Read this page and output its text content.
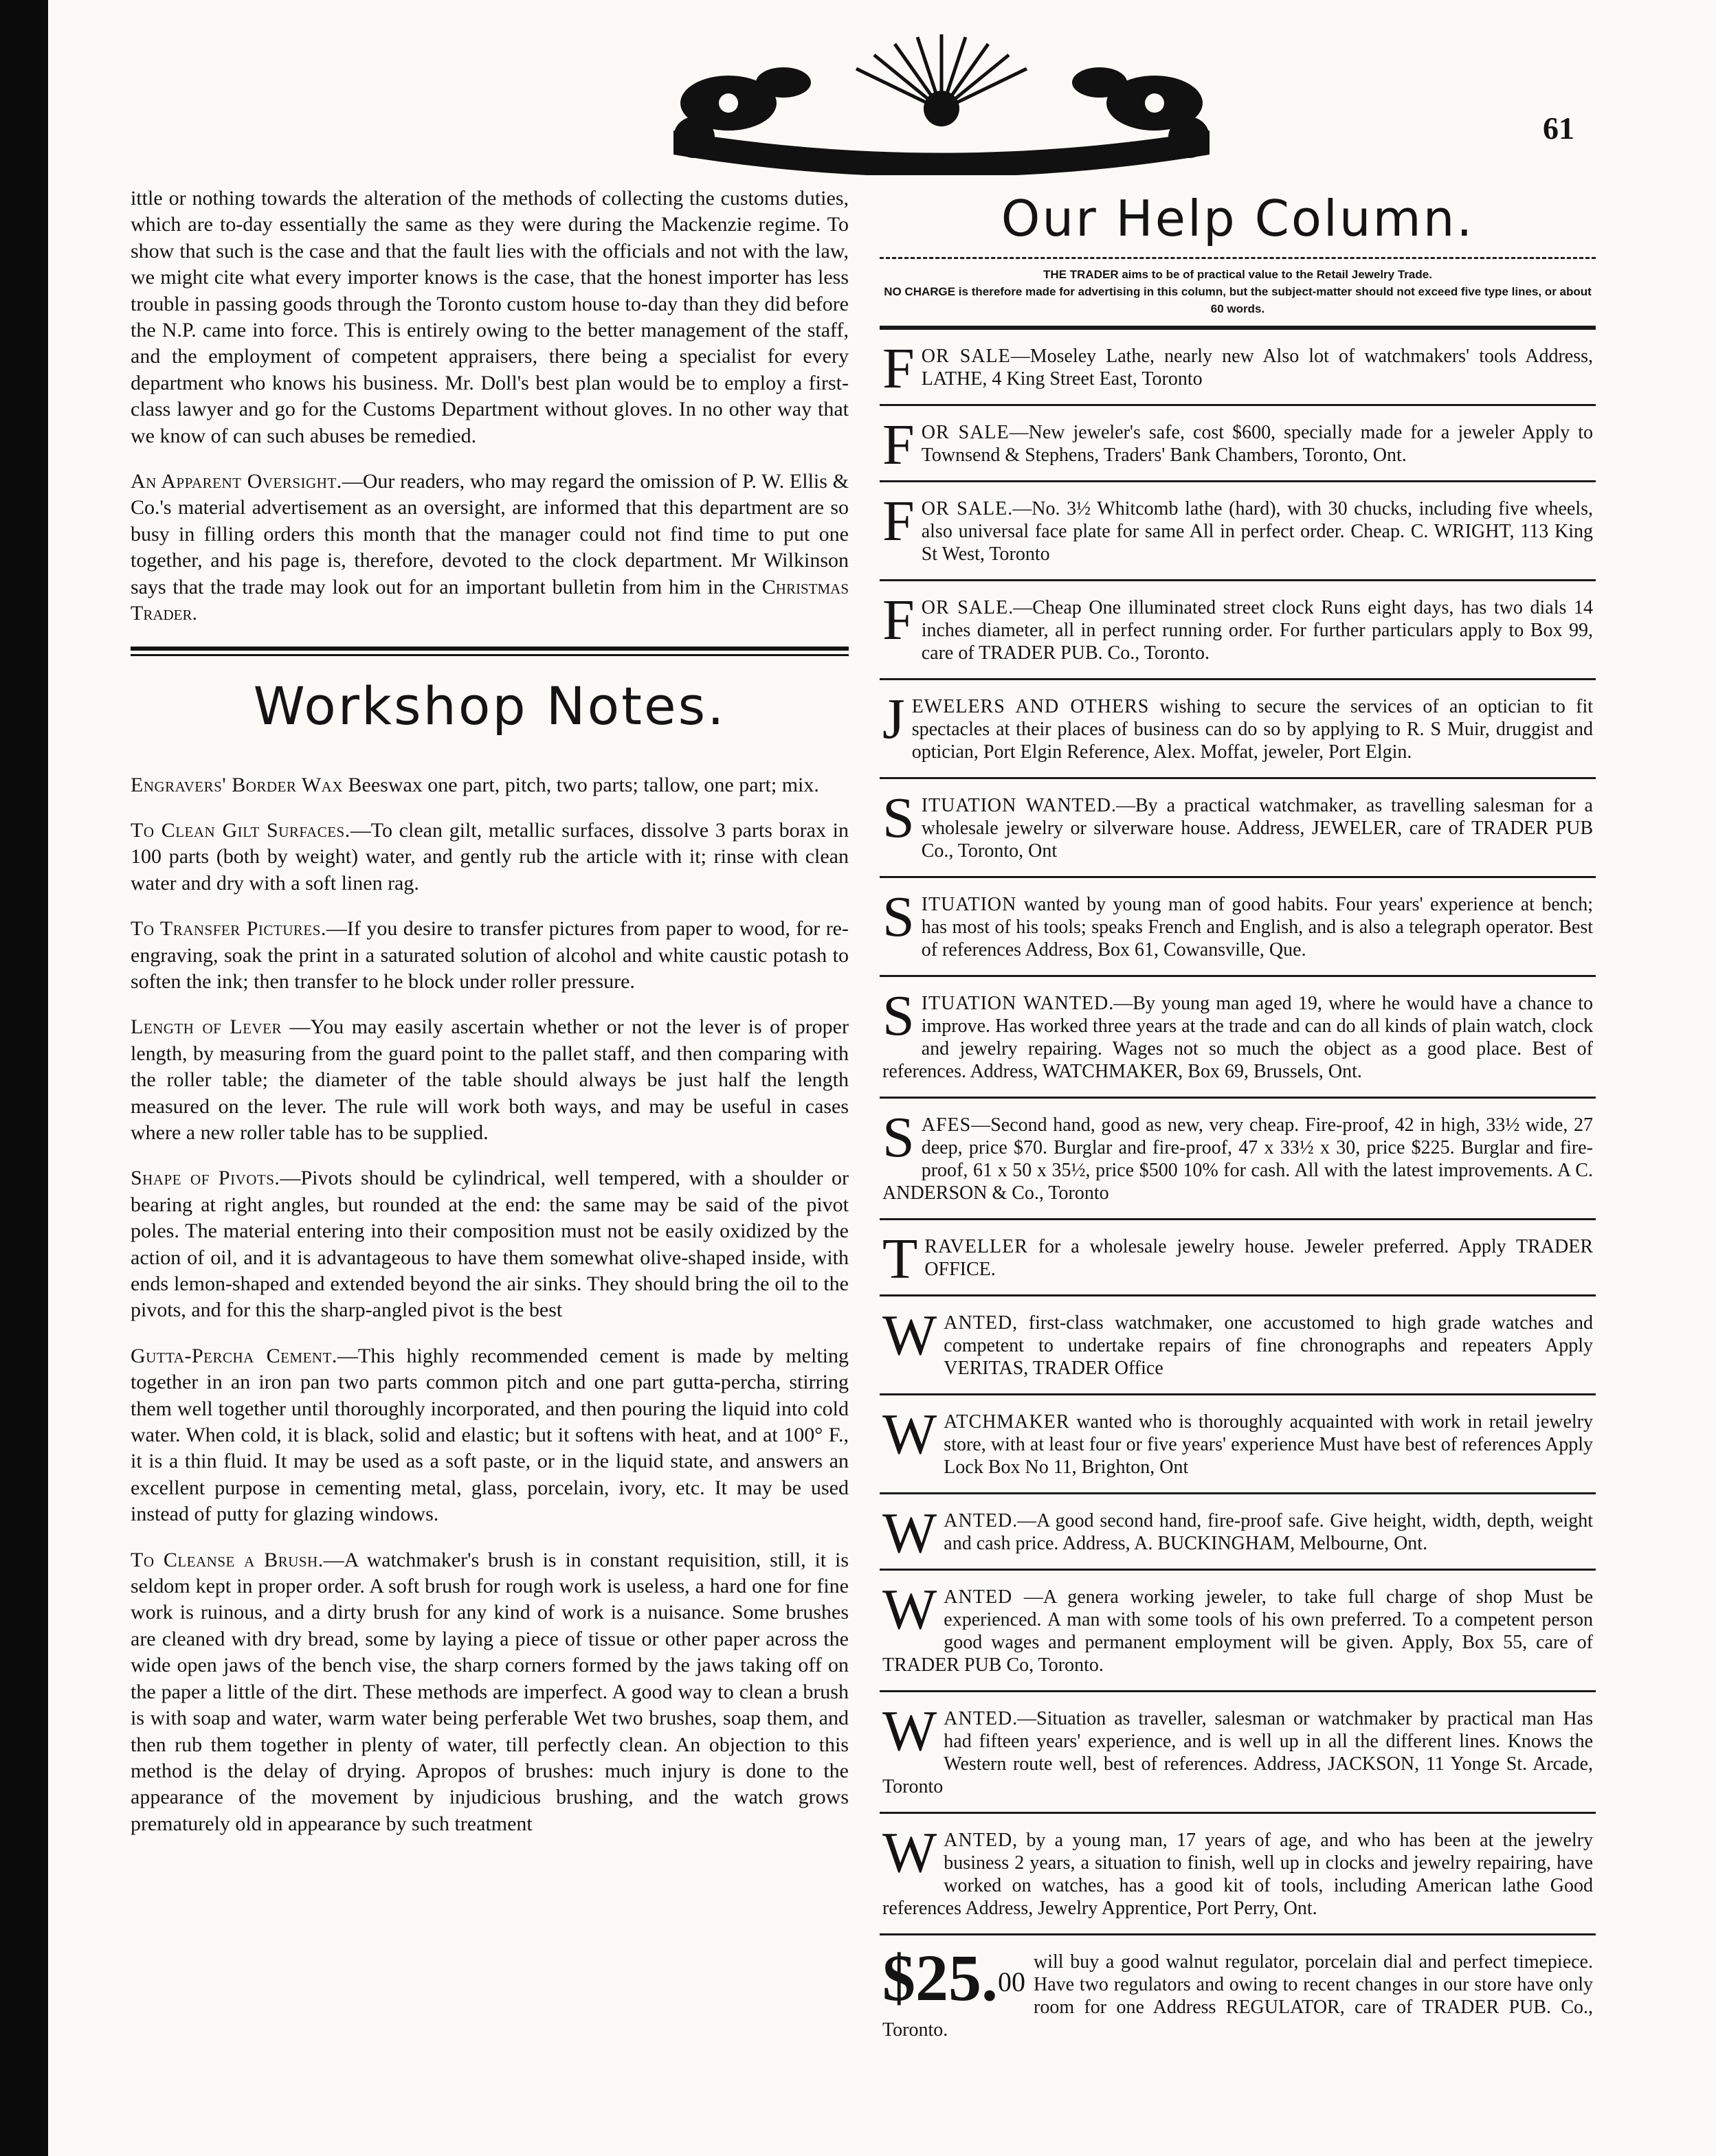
61

ittle or nothing towards the alteration of the methods of collecting the customs duties, which are to-day essentially the same as they were during the Mackenzie regime. To show that such is the case and that the fault lies with the officials and not with the law, we might cite what every importer knows is the case, that the honest importer has less trouble in passing goods through the Toronto custom house to-day than they did before the N.P. came into force. This is entirely owing to the better management of the staff, and the employment of competent appraisers, there being a specialist for every department who knows his business. Mr. Doll's best plan would be to employ a first-class lawyer and go for the Customs Department without gloves. In no other way that we know of can such abuses be remedied.

An Apparent Oversight.—Our readers, who may regard the omission of P. W. Ellis & Co.'s material advertisement as an oversight, are informed that this department are so busy in filling orders this month that the manager could not find time to put one together, and his page is, therefore, devoted to the clock department. Mr Wilkinson says that the trade may look out for an important bulletin from him in the Christmas Trader.

Workshop Notes.

Engravers' Border Wax Beeswax one part, pitch, two parts; tallow, one part; mix.

To Clean Gilt Surfaces.—To clean gilt, metallic surfaces, dissolve 3 parts borax in 100 parts (both by weight) water, and gently rub the article with it; rinse with clean water and dry with a soft linen rag.

To Transfer Pictures.—If you desire to transfer pictures from paper to wood, for re-engraving, soak the print in a saturated solution of alcohol and white caustic potash to soften the ink; then transfer to he block under roller pressure.

Length of Lever —You may easily ascertain whether or not the lever is of proper length, by measuring from the guard point to the pallet staff, and then comparing with the roller table; the diameter of the table should always be just half the length measured on the lever. The rule will work both ways, and may be useful in cases where a new roller table has to be supplied.

Shape of Pivots.—Pivots should be cylindrical, well tempered, with a shoulder or bearing at right angles, but rounded at the end: the same may be said of the pivot poles. The material entering into their composition must not be easily oxidized by the action of oil, and it is advantageous to have them somewhat olive-shaped inside, with ends lemon-shaped and extended beyond the air sinks. They should bring the oil to the pivots, and for this the sharp-angled pivot is the best

Gutta-Percha Cement.—This highly recommended cement is made by melting together in an iron pan two parts common pitch and one part gutta-percha, stirring them well together until thoroughly incorporated, and then pouring the liquid into cold water. When cold, it is black, solid and elastic; but it softens with heat, and at 100° F., it is a thin fluid. It may be used as a soft paste, or in the liquid state, and answers an excellent purpose in cementing metal, glass, porcelain, ivory, etc. It may be used instead of putty for glazing windows.

To Cleanse a Brush.—A watchmaker's brush is in constant requisition, still, it is seldom kept in proper order. A soft brush for rough work is useless, a hard one for fine work is ruinous, and a dirty brush for any kind of work is a nuisance. Some brushes are cleaned with dry bread, some by laying a piece of tissue or other paper across the wide open jaws of the bench vise, the sharp corners formed by the jaws taking off on the paper a little of the dirt. These methods are imperfect. A good way to clean a brush is with soap and water, warm water being perferable Wet two brushes, soap them, and then rub them together in plenty of water, till perfectly clean. An objection to this method is the delay of drying. Apropos of brushes: much injury is done to the appearance of the movement by injudicious brushing, and the watch grows prematurely old in appearance by such treatment

Our Help Column.
THE TRADER aims to be of practical value to the Retail Jewelry Trade.
NO CHARGE is therefore made for advertising in this column, but the subject-matter should not exceed five type lines, or about 60 words.
FOR SALE—Moseley Lathe, nearly new Also lot of watchmakers' tools Address, LATHE, 4 King Street East, Toronto
FOR SALE—New jeweler's safe, cost $600, specially made for a jeweler Apply to Townsend & Stephens, Traders' Bank Chambers, Toronto, Ont.
FOR SALE.—No. 3½ Whitcomb lathe (hard), with 30 chucks, including five wheels, also universal face plate for same All in perfect order. Cheap. C. WRIGHT, 113 King St West, Toronto
FOR SALE.—Cheap One illuminated street clock Runs eight days, has two dials 14 inches diameter, all in perfect running order. For further particulars apply to Box 99, care of TRADER PUB. Co., Toronto.
JEWELERS AND OTHERS wishing to secure the services of an optician to fit spectacles at their places of business can do so by applying to R. S Muir, druggist and optician, Port Elgin Reference, Alex. Moffat, jeweler, Port Elgin.
SITUATION WANTED.—By a practical watchmaker, as travelling salesman for a wholesale jewelry or silverware house. Address, JEWELER, care of TRADER PUB Co., Toronto, Ont
SITUATION wanted by young man of good habits. Four years' experience at bench; has most of his tools; speaks French and English, and is also a telegraph operator. Best of references Address, Box 61, Cowansville, Que.
SITUATION WANTED.—By young man aged 19, where he would have a chance to improve. Has worked three years at the trade and can do all kinds of plain watch, clock and jewelry repairing. Wages not so much the object as a good place. Best of references. Address, WATCHMAKER, Box 69, Brussels, Ont.
SAFES—Second hand, good as new, very cheap. Fire-proof, 42 in high, 33½ wide, 27 deep, price $70. Burglar and fire-proof, 47 x 33½ x 30, price $225. Burglar and fire-proof, 61 x 50 x 35½, price $500 10% for cash. All with the latest improvements. A C. ANDERSON & Co., Toronto
TRAVELLER for a wholesale jewelry house. Jeweler preferred. Apply TRADER OFFICE.
WANTED, first-class watchmaker, one accustomed to high grade watches and competent to undertake repairs of fine chronographs and repeaters Apply VERITAS, TRADER Office
WATCHMAKER wanted who is thoroughly acquainted with work in retail jewelry store, with at least four or five years' experience Must have best of references Apply Lock Box No 11, Brighton, Ont
WANTED.—A good second hand, fire-proof safe. Give height, width, depth, weight and cash price. Address, A. BUCKINGHAM, Melbourne, Ont.
WANTED —A genera working jeweler, to take full charge of shop Must be experienced. A man with some tools of his own preferred. To a competent person good wages and permanent employment will be given. Apply, Box 55, care of TRADER PUB Co, Toronto.
WANTED.—Situation as traveller, salesman or watchmaker by practical man Has had fifteen years' experience, and is well up in all the different lines. Knows the Western route well, best of references. Address, JACKSON, 11 Yonge St. Arcade, Toronto
WANTED, by a young man, 17 years of age, and who has been at the jewelry business 2 years, a situation to finish, well up in clocks and jewelry repairing, have worked on watches, has a good kit of tools, including American lathe Good references Address, Jewelry Apprentice, Port Perry, Ont.
$25.00
will buy a good walnut regulator, porcelain dial and perfect timepiece. Have two regulators and owing to recent changes in our store have only room for one Address REGULATOR, care of TRADER PUB. Co., Toronto.
